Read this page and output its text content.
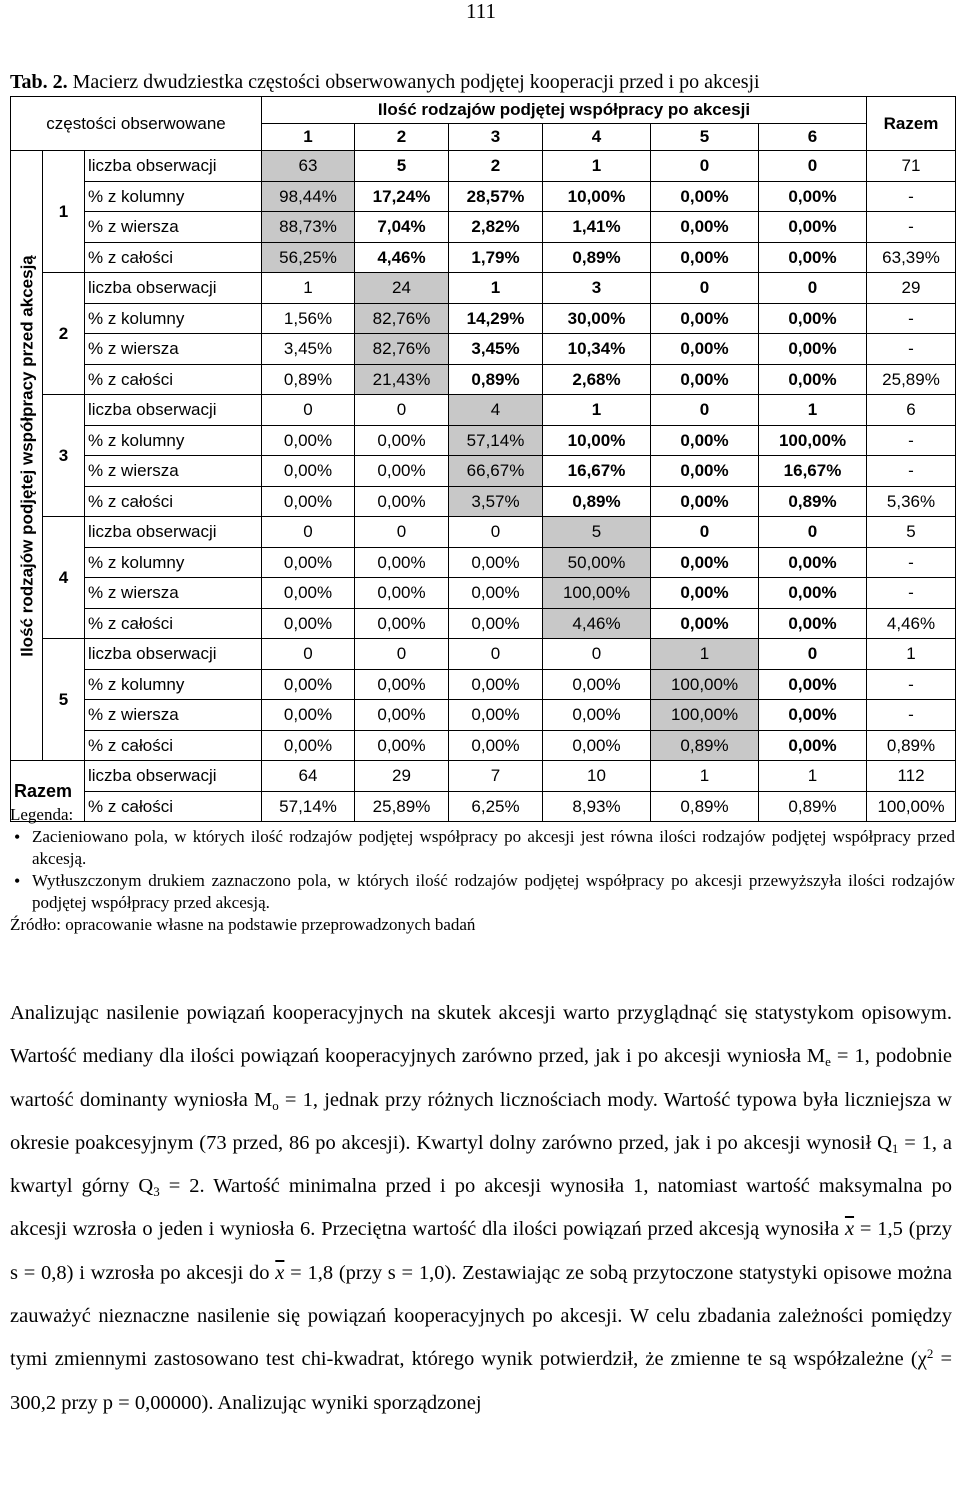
111
Tab. 2. Macierz dwudziestka częstości obserwowanych podjętej kooperacji przed i po akcesji
częstości obserwowane			Ilość rodzajów podjętej współpracy po akcesji						Razem
			1	2	3	4	5	6	

Ilość rodzajów podjętej współpracy przed akcesją	1	liczba obserwacji	63	5	2	1	0	0	71
		% z kolumny	98,44%	17,24%	28,57%	10,00%	0,00%	0,00%	-
		% z wiersza	88,73%	7,04%	2,82%	1,41%	0,00%	0,00%	-
		% z całości	56,25%	4,46%	1,79%	0,89%	0,00%	0,00%	63,39%
	2	liczba obserwacji	1	24	1	3	0	0	29
		% z kolumny	1,56%	82,76%	14,29%	30,00%	0,00%	0,00%	-
		% z wiersza	3,45%	82,76%	3,45%	10,34%	0,00%	0,00%	-
		% z całości	0,89%	21,43%	0,89%	2,68%	0,00%	0,00%	25,89%
	3	liczba obserwacji	0	0	4	1	0	1	6
		% z kolumny	0,00%	0,00%	57,14%	10,00%	0,00%	100,00%	-
		% z wiersza	0,00%	0,00%	66,67%	16,67%	0,00%	16,67%	-
		% z całości	0,00%	0,00%	3,57%	0,89%	0,00%	0,89%	5,36%
	4	liczba obserwacji	0	0	0	5	0	0	5
		% z kolumny	0,00%	0,00%	0,00%	50,00%	0,00%	0,00%	-
		% z wiersza	0,00%	0,00%	0,00%	100,00%	0,00%	0,00%	-
		% z całości	0,00%	0,00%	0,00%	4,46%	0,00%	0,00%	4,46%
	5	liczba obserwacji	0	0	0	0	1	0	1
		% z kolumny	0,00%	0,00%	0,00%	0,00%	100,00%	0,00%	-
		% z wiersza	0,00%	0,00%	0,00%	0,00%	100,00%	0,00%	-
		% z całości	0,00%	0,00%	0,00%	0,00%	0,89%	0,00%	0,89%
Razem		liczba obserwacji	64	29	7	10	1	1	112
		% z całości	57,14%	25,89%	6,25%	8,93%	0,89%	0,89%	100,00%
Legenda:
• Zacieniowano pola, w których ilość rodzajów podjętej współpracy po akcesji jest równa ilości rodzajów podjętej współpracy przed akcesją.
• Wytłuszczonym drukiem zaznaczono pola, w których ilość rodzajów podjętej współpracy po akcesji przewyższyła ilości rodzajów podjętej współpracy przed akcesją.
Źródło: opracowanie własne na podstawie przeprowadzonych badań

Analizując nasilenie powiązań kooperacyjnych na skutek akcesji warto przyglądnąć się statystykom opisowym. Wartość mediany dla ilości powiązań kooperacyjnych zarówno przed, jak i po akcesji wyniosła $M_e = 1$, podobnie wartość dominanty wyniosła $M_o = 1$, jednak przy różnych licznościach mody. Wartość typowa była liczniejsza w okresie poakcesyjnym (73 przed, 86 po akcesji). Kwartyl dolny zarówno przed, jak i po akcesji wynosił $Q_1 = 1$, a kwartyl górny $Q_3 = 2$. Wartość minimalna przed i po akcesji wynosiła 1, natomiast wartość maksymalna po akcesji wzrosła o jeden i wyniosła 6. Przeciętna wartość dla ilości powiązań przed akcesją wynosiła $\overline{x} = 1,5$ (przy s = 0,8) i wzrosła po akcesji do $\overline{x} = 1,8$ (przy s = 1,0). Zestawiając ze sobą przytoczone statystyki opisowe można zauważyć nieznaczne nasilenie się powiązań kooperacyjnych po akcesji. W celu zbadania zależności pomiędzy tymi zmiennymi zastosowano test chi-kwadrat, którego wynik potwierdził, że zmienne te są współzależne ($\chi^2 = 300,2$ przy p = 0,00000). Analizując wyniki sporządzonej
